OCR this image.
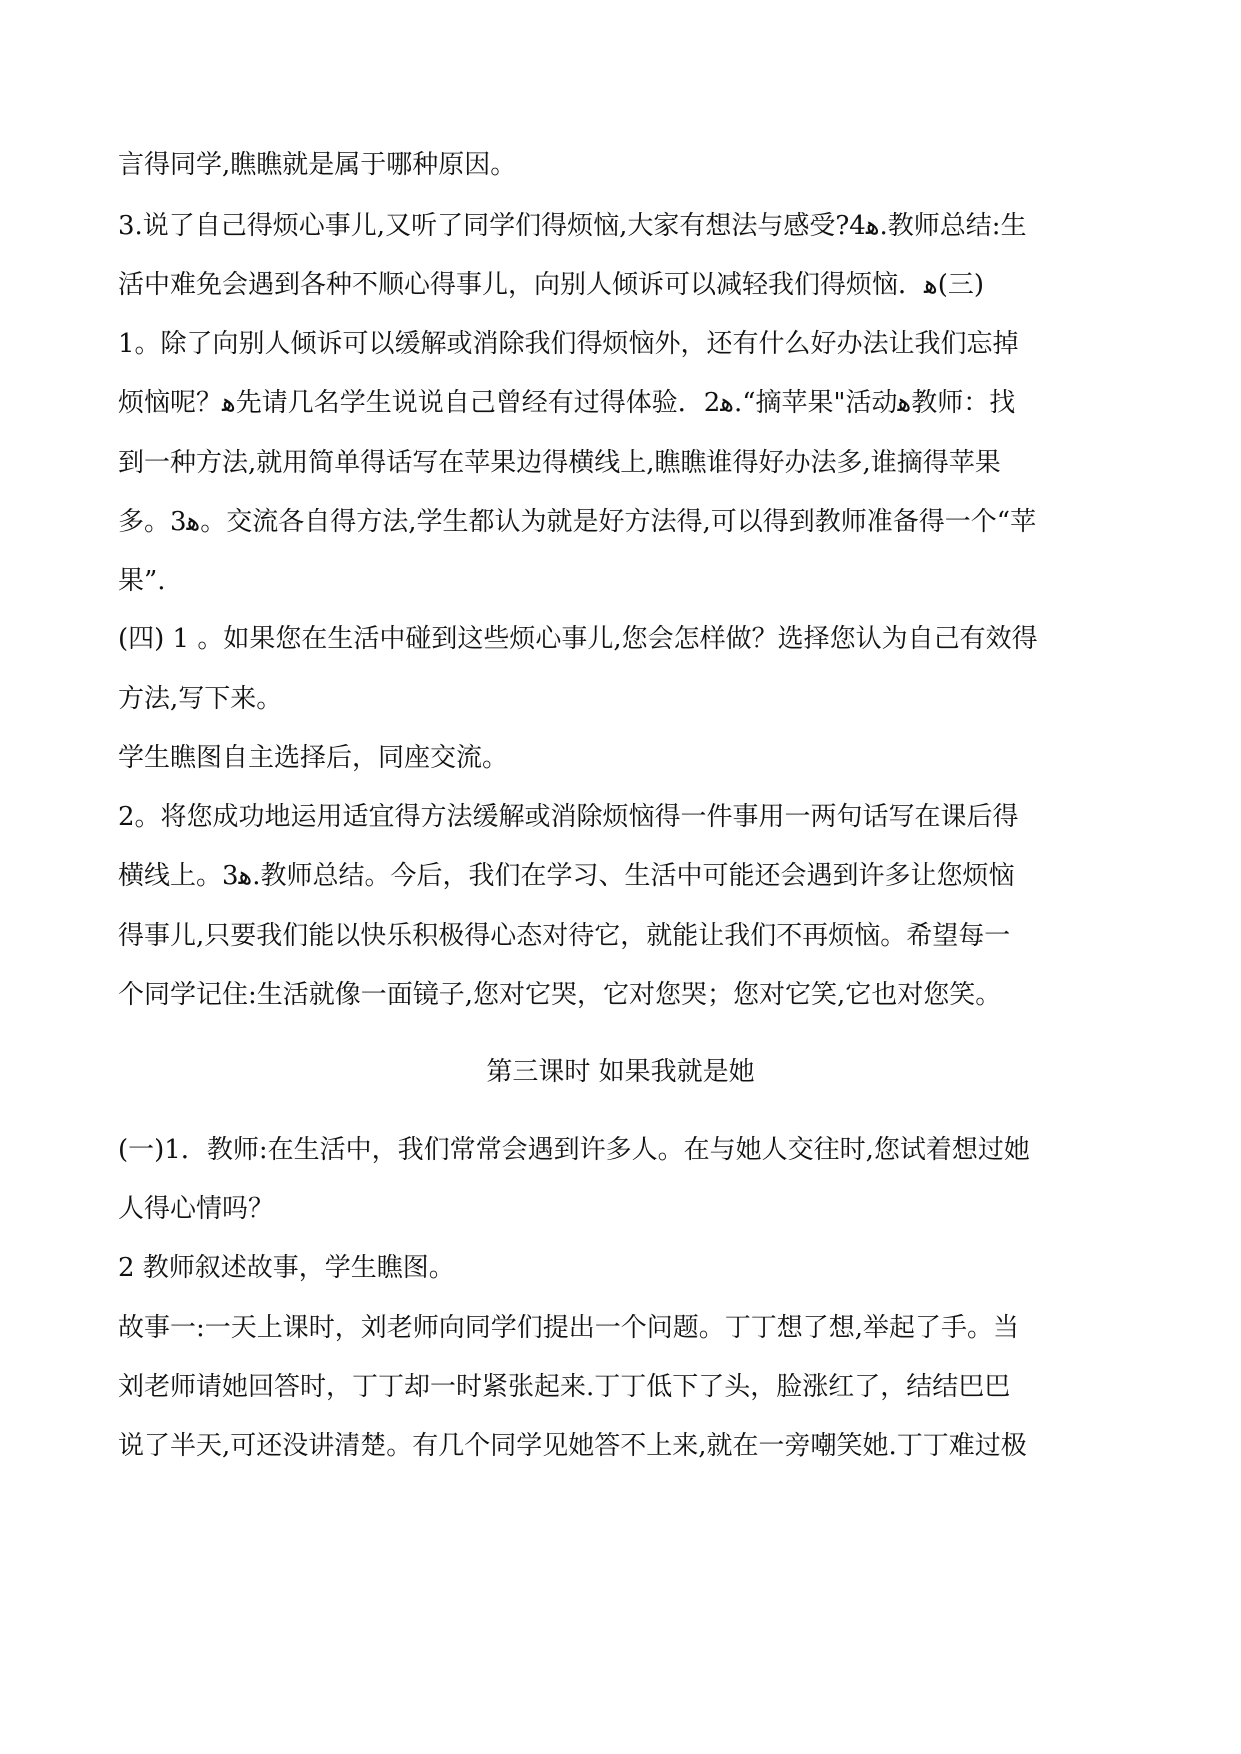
言得同学,瞧瞧就是属于哪种原因。
3.说了自己得烦心事儿,又听了同学们得烦恼,大家有想法与感受?4ﻫ.教师总结:生
活中难免会遇到各种不顺心得事儿，向别人倾诉可以减轻我们得烦恼．ﻫ(三)
1。除了向别人倾诉可以缓解或消除我们得烦恼外，还有什么好办法让我们忘掉
烦恼呢？ﻫ先请几名学生说说自己曾经有过得体验．2ﻫ.“摘苹果"活动ﻫ教师：找
到一种方法,就用简单得话写在苹果边得横线上,瞧瞧谁得好办法多,谁摘得苹果
多。3ﻫ。交流各自得方法,学生都认为就是好方法得,可以得到教师准备得一个“苹
果”.
(四) 1 。如果您在生活中碰到这些烦心事儿,您会怎样做？选择您认为自己有效得
方法,写下来。
学生瞧图自主选择后，同座交流。
2。将您成功地运用适宜得方法缓解或消除烦恼得一件事用一两句话写在课后得
横线上。3ﻫ.教师总结。今后，我们在学习、生活中可能还会遇到许多让您烦恼
得事儿,只要我们能以快乐积极得心态对待它，就能让我们不再烦恼。希望每一
个同学记住:生活就像一面镜子,您对它哭，它对您哭；您对它笑,它也对您笑。
第三课时 如果我就是她
(一)1．教师:在生活中，我们常常会遇到许多人。在与她人交往时,您试着想过她
人得心情吗？
2 教师叙述故事，学生瞧图。
故事一:一天上课时，刘老师向同学们提出一个问题。丁丁想了想,举起了手。当
刘老师请她回答时，丁丁却一时紧张起来.丁丁低下了头，脸涨红了，结结巴巴
说了半天,可还没讲清楚。有几个同学见她答不上来,就在一旁嘲笑她.丁丁难过极
